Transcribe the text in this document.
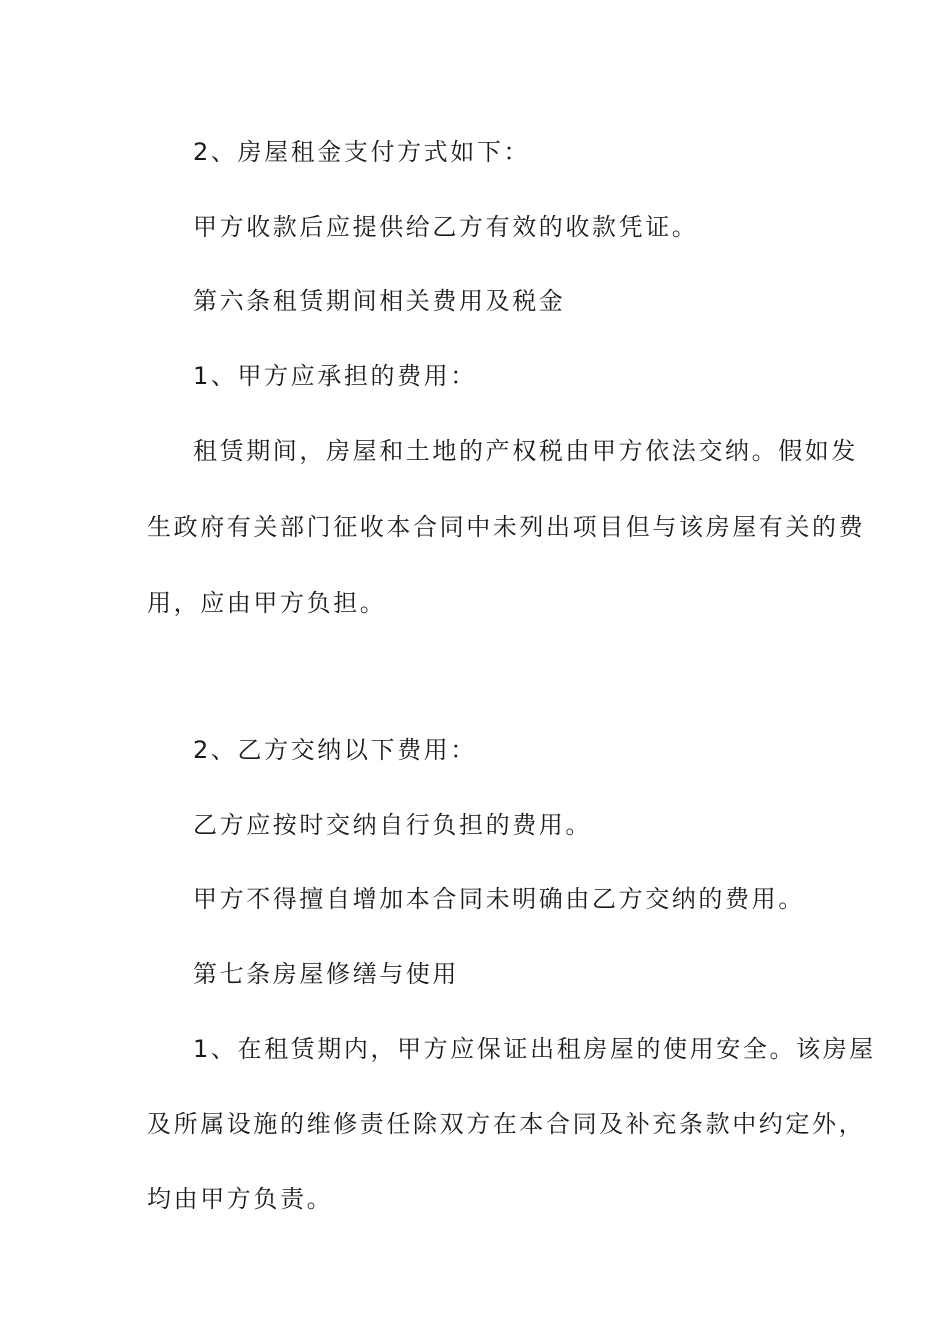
2、房屋租金支付方式如下：
甲方收款后应提供给乙方有效的收款凭证。
第六条租赁期间相关费用及税金
1、甲方应承担的费用：
租赁期间，房屋和土地的产权税由甲方依法交纳。假如发
生政府有关部门征收本合同中未列出项目但与该房屋有关的费
用，应由甲方负担。
2、乙方交纳以下费用：
乙方应按时交纳自行负担的费用。
甲方不得擅自增加本合同未明确由乙方交纳的费用。
第七条房屋修缮与使用
1、在租赁期内，甲方应保证出租房屋的使用安全。该房屋
及所属设施的维修责任除双方在本合同及补充条款中约定外，
均由甲方负责。
